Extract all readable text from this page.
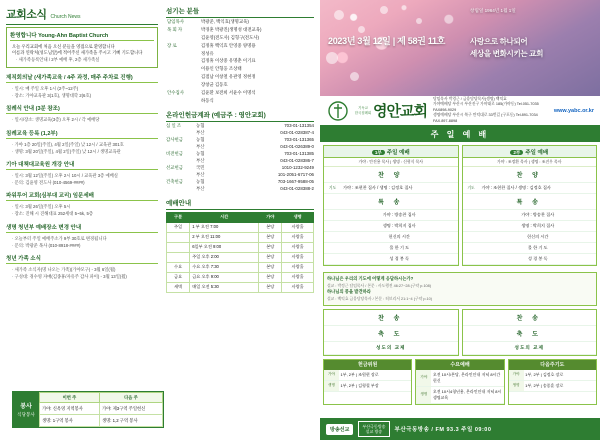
교회소식 Church News
환영합니다 Young-Ahn Baptist Church
오늘 우리교회에 처음 오신 분들을 영접으로 환영합니다
이름과 연락처(성도님앞)에 적어주신 새가족을 주시고 기뻐 기도합니다
· 새가족등록안내 / 2부 예배 후, 2층 새가족실
제직회의날 (새가족교육 / 4주 과정, 매주 주차료 진행)
· 일시: 매 주일 오후 1시 (2주~12주)
· 장소: 가야교육관 3(1호), 생명대학 2(6호)
침례식 안내 (3분 참조)
· 일시/장소: 생명교육(3층) 오후 2시 / 각 예배당
침례교육 등록 (1,2부)
· 가야 1층 20일(주일), 4월 2일(주일) 낮 12시 / 교육관 301호
· 생명: 3월 20일(주일), 4월 2일(주일) 낮 12시 / 생명교육관
기아 대책대교육원 개강 안내
· 일시: 3월 12일(주일) 오후 2시 10시 / 교육관 3층 예배실
· 문의: 김윤영 전도사 (010-4569-####)
파워투어 교회(심부대 교리) 임문세배
· 일시: 3월 26일(주일) 오후 5시
· 장소: 진해 시 진해대표 252세대 5~5k, 5층
생명 청년부 예배장소 변경 안내
· 오늘부터 주일 예배주소가 9부 30호로 변경됩니다
· 문의: 박광준 목사 (010-8918-####)
청년 가족 소식
· 새가족 소식자(명 나오는 가족)(가야모구) - 3월 6일(월)
· 구성대: 경수영 자매(김종휴/자유주 감사 파이) - 3월 13일(월)
봉사
식당봉사
이번 주	다음 주
가야: 신옥영 지역봉사	가야: 제3구역 주일헌신
생명: 1구역 봉사	생명: 1,2 구역 봉사
섬기는 분들
담임목사	박광준, 백익효(생명교육)
목 회 자	박경훈 박광진(생명성 대전교육)
김윤영(전도사) 김형구(전도사)
장 로	김정휴 백익효 안영중 양명용
정성유
김정휴 이상중 유명춘 이기표
이용인 안형웅 조상태
김점남 이창철 유관영 정현정
장창균 김동호
안수집사	김윤환 보전희 서윤수 이명석
하동식
온라인헌금계좌 (예금주 : 영안교회)
십 일 조	농협	703-01-131354
부산	043-01-028387-4
감사헌금	농협	703-01-131365
부산	043-01-026389-0
비전헌금	농협	703-01-131385
부산	043-01-028386-7
선교헌금	국민	1010-1232-9249
부산	101-2051-6717-06
건축헌금	농협	703-1667-9588-05
부산	043-01-028388-2
예배안내
구분	시간	가야	생명
주일	1 부 오전 7:00	본당	사랑홀
	2 부 오전 11:00	본당	사랑홀
	6일부 오전 9:00	본당	사랑홀
	주일 오후 2:00	본당	사랑홀
수요	수요 오후 7:30	본당	사랑홀
금요	금요 오후 9:00	본당	사랑홀
새벽	매일 오전 5:30	본당	사랑홀
창립일 1964년 1월 1일
2023년 3월 12일 | 제 58권 11호	사랑으로 하나되어
세상을 변화시키는 교회
기독교
한국침례회 영안교회
담임목사 박경근 / 금융담당목사(생명) 백익효
가야예배당 부산시 부산진구 가야대로 185(가야동) Tel.051-7035 FAX898-9029
생명예배당 부산시 북구 만덕대로 33번길 (구포동) Tel.891-7034 FAX.897-8898
www.yabc.or.kr
주 일 예 배
1부 주일 예배
가야 : 안진용 목사 | 생명 : 신형식 목사
찬 양	
기도	가야 : 조현찬 집사 / 생명 : 김정호 집사
특 송	
	가야 : 방송찬 집사
	생명 : 박희지 집사
	헌신의 시간
	물 한 기 도
	성 경 봉 독
2부 주일 예배
가야 : 조정환 목사 | 생명 : 조진우 목사
찬 양	
기도	가야 : 조현찬 집사 / 생명 : 김정호 집사
특 송	
	가야 : 방송찬 집사
	생명 : 박희지 집사
	헌신의 시간
	물 한 기 도
	성 경 봉 독
하나님은 우리의 기도에 어떻게 응답하시는가?
설교 : 박정근 담임목사 / 본문 : 사도행전 46:27~28 (구약 p.108)
하나님의 풍을 발견하라
설교 : 백익효 금융담당목사 / 본문 : 히브리서 21:1~4 (구약 p.10)
찬 송
축 도
성도의 교제
찬 송
축 도
성도의 교제
헌금위원
가야	1부, 2부 | 조원현 장로
생명	1부, 2부 | 김형철 부장
수요예배
가야	오전 10시/본당, 온라인안내 저녁 8시간헌신
생명	오전 10시4청년용, 온라인안내 저녁 8시 생명교육
다음주기도
가야	1부, 2부 | 김정호 장로
생명	1부, 2부 | 송종훈 장로
방송선교
부산극동방송
설교 방송	부산극동방송 / FM 93.3 주일 09:00
